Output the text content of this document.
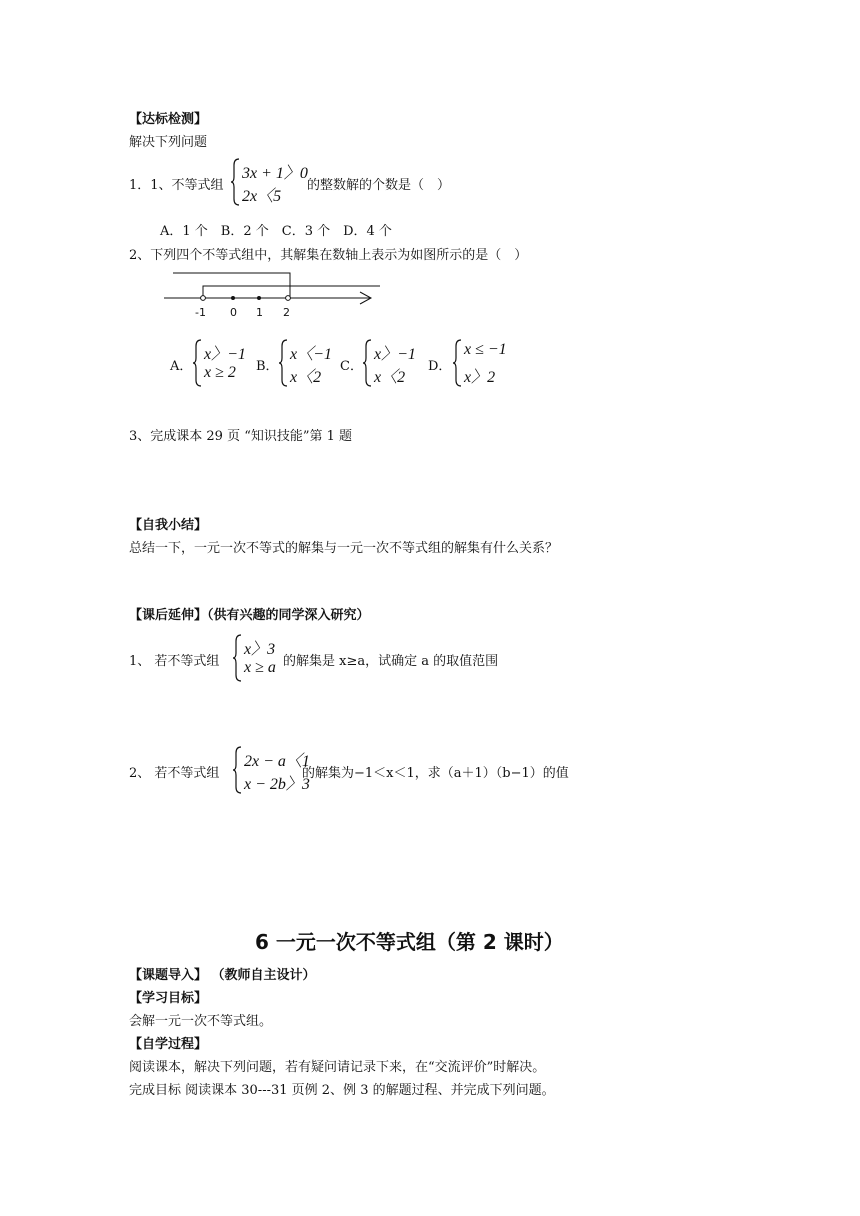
【达标检测】
解决下列问题
1．1、不等式组
3x + 1〉0
2x〈5
的整数解的个数是（　）
A．1 个　B．2 个　C．3 个　D．4 个
2、下列四个不等式组中，其解集在数轴上表示为如图所示的是（　）
-1 0 1 2
A．
x〉−1
x ≥ 2 B．
x〈−1
x〈2
C．
x〉−1
x〈2
D．
x ≤ −1
x〉2
3、完成课本 29 页 “知识技能”第 1 题
【自我小结】
总结一下，一元一次不等式的解集与一元一次不等式组的解集有什么关系？
【课后延伸】（供有兴趣的同学深入研究）
1、 若不等式组
x〉3
x ≥ a 的解集是 x≥a，试确定 a 的取值范围
2、 若不等式组
2x − a〈1
x − 2b〉3
的解集为−1＜x＜1，求（a＋1）（b−1）的值
6 一元一次不等式组（第 2 课时）
【课题导入】 （教师自主设计）
【学习目标】
会解一元一次不等式组。
【自学过程】
阅读课本，解决下列问题，若有疑问请记录下来，在“交流评价”时解决。
完成目标 阅读课本 30---31 页例 2、例 3 的解题过程、并完成下列问题。
